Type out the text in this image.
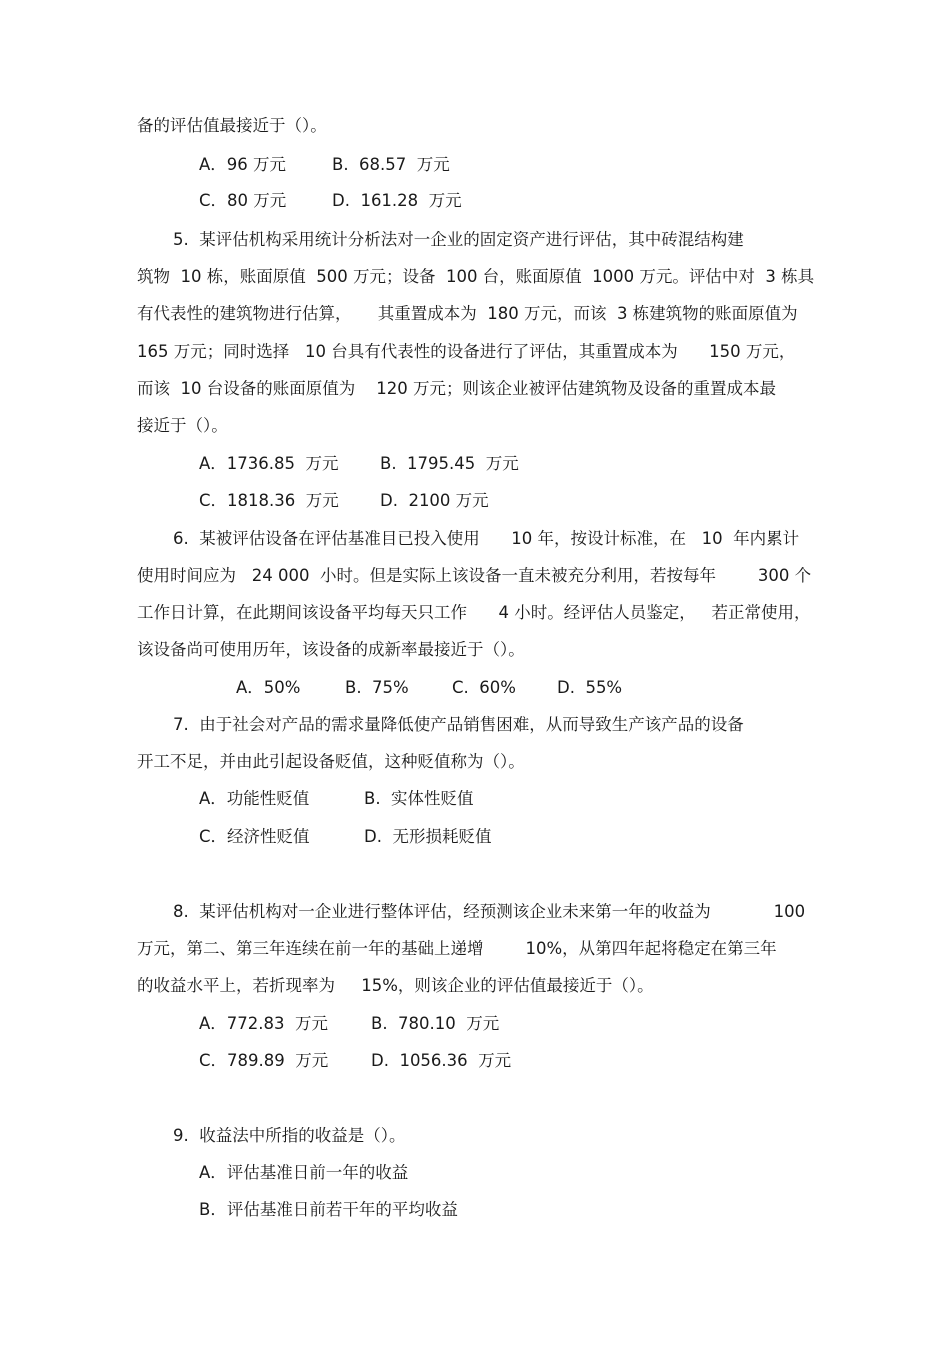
备的评估值最接近于（）。
A．96 万元	B.  68.57  万元
C．80 万元	D.  161.28  万元
5.  某评估机构采用统计分析法对一企业的固定资产进行评估，其中砖混结构建
筑物  10 栋，账面原值  500 万元；设备  100 台，账面原值  1000 万元。评估中对  3 栋具
有代表性的建筑物进行估算，     其重置成本为  180 万元，而该  3 栋建筑物的账面原值为
165 万元；同时选择   10 台具有代表性的设备进行了评估，其重置成本为      150 万元，
而该  10 台设备的账面原值为    120 万元；则该企业被评估建筑物及设备的重置成本最
接近于（）。
A．1736.85  万元	B.  1795.45  万元
C．1818.36  万元	D.  2100 万元
6.  某被评估设备在评估基准目已投入使用      10 年，按设计标准，在   10  年内累计
使用时间应为   24 000  小时。但是实际上该设备一直未被充分利用，若按每年        300 个
工作日计算，在此期间该设备平均每天只工作      4 小时。经评估人员鉴定，   若正常使用，
该设备尚可使用历年，该设备的成新率最接近于（）。
A．50%	B.  75%	C.  60% D.  55%
7.  由于社会对产品的需求量降低使产品销售困难，从而导致生产该产品的设备
开工不足，并由此引起设备贬值，这种贬值称为（）。
A．功能性贬值	B.  实体性贬值
C．经济性贬值	D.  无形损耗贬值
8.  某评估机构对一企业进行整体评估，经预测该企业未来第一年的收益为            100
万元，第二、第三年连续在前一年的基础上递增        10%，从第四年起将稳定在第三年
的收益水平上，若折现率为     15%，则该企业的评估值最接近于（）。
A．772.83  万元	B.  780.10  万元
C．789.89  万元	D.  1056.36  万元
9.  收益法中所指的收益是（）。
A．评估基准日前一年的收益
B．评估基准日前若干年的平均收益
